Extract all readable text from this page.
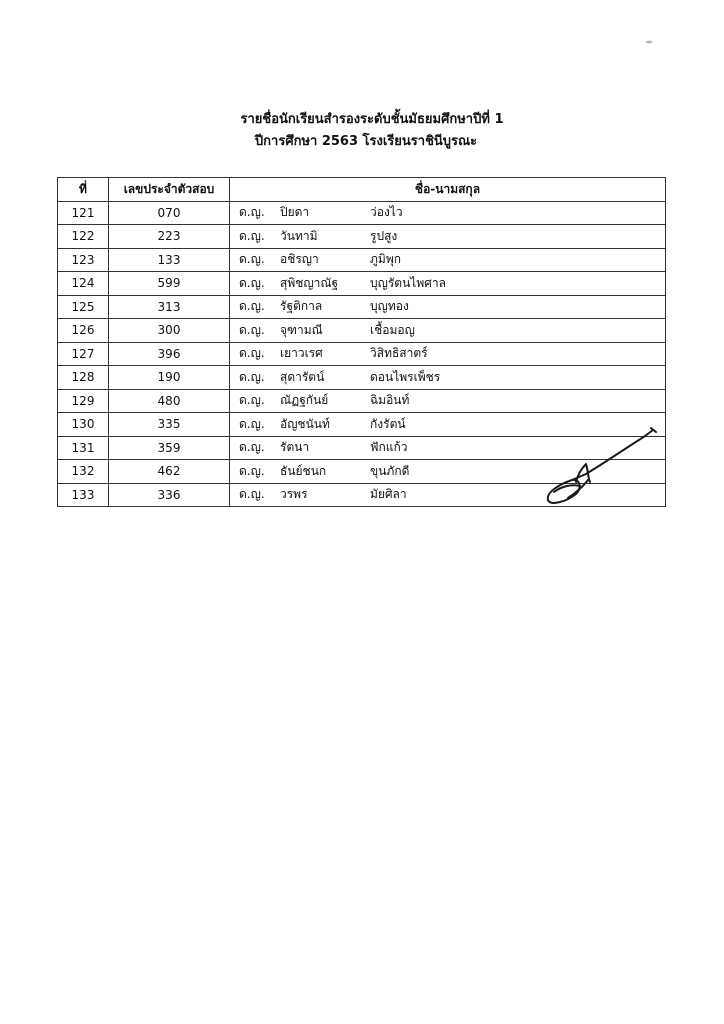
รายชื่อนักเรียนสำรองระดับชั้นมัธยมศึกษาปีที่ 1
ปีการศึกษา 2563 โรงเรียนราชินีบูรณะ
ที่	เลขประจำตัวสอบ	ชื่อ-นามสกุล
121	070	ด.ญ. ปิยดา ว่องไว
122	223	ด.ญ. วันทามิ รูปสูง
123	133	ด.ญ. อชิรญา ภูมิพุก
124	599	ด.ญ. สุพิชญาณัฐ บุญรัตนไพศาล
125	313	ด.ญ. รัฐติกาล บุญทอง
126	300	ด.ญ. จุฑามณี เชื้อมอญ
127	396	ด.ญ. เยาวเรศ วิสิทธิสาตร์
128	190	ด.ญ. สุดารัตน์ ดอนไพรเพ็ชร
129	480	ด.ญ. ณัฏฐกันย์ ฉิมอินท์
130	335	ด.ญ. อัญชนันท์ กังรัตน์
131	359	ด.ญ. รัตนา ฟักแก้ว
132	462	ด.ญ. ธันย์ชนก ขุนภักดี
133	336	ด.ญ. วรพร มัยศิลา
